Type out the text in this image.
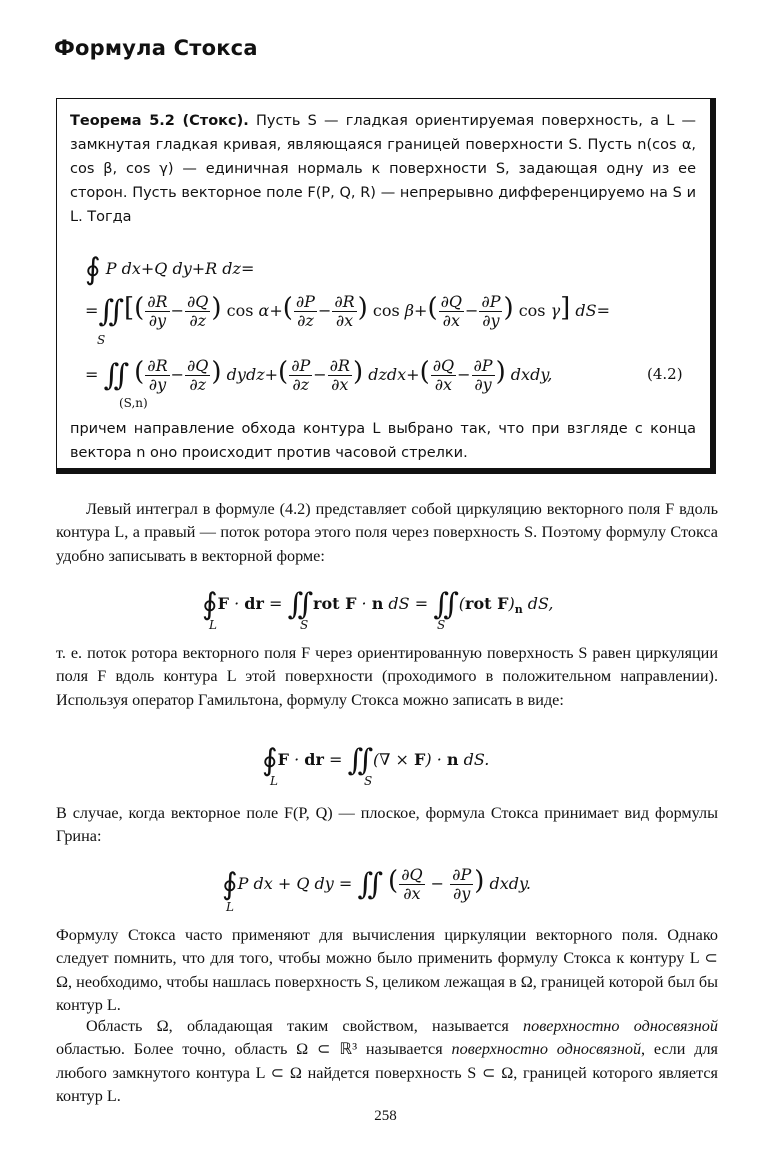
Формула Стокса
Теорема 5.2 (Стокс). Пусть S — гладкая ориентируемая поверхность, а L — замкнутая гладкая кривая, являющаяся границей поверхности S. Пусть n(cos α, cos β, cos γ) — единичная нормаль к поверхности S, задающая одну из ее сторон. Пусть векторное поле F(P, Q, R) — непрерывно дифференцируемо на S и L. Тогда
∮ P dx+Q dy+R dz=
=∬[( $\frac{\partial R}{\partial y} - \frac{\partial Q}{\partial z}$ ) $\cos \alpha+( \frac{\partial P}{\partial z} - \frac{\partial R}{\partial x}$ ) $\cos \beta+( \frac{\partial Q}{\partial x} - \frac{\partial P}{\partial y}$ ) cos γ] dS=
S
= ∬ ( $\frac{\partial R}{\partial y} - \frac{\partial Q}{\partial z}$ ) dydz+( $\frac{\partial P}{\partial z} - \frac{\partial R}{\partial x}$ ) dzdx+( $\frac{\partial Q}{\partial x} - \frac{\partial P}{\partial y}$ ) dxdy,
(S,n)
(4.2)
причем направление обхода контура L выбрано так, что при взгляде с конца вектора n оно происходит против часовой стрелки.
Левый интеграл в формуле (4.2) представляет собой циркуляцию векторного поля F вдоль контура L, а правый — поток ротора этого поля через поверхность S. Поэтому формулу Стокса удобно записывать в векторной форме:
∮F · dr = ∬rot F · n dS = ∬(rot $F)_n$ dS,
L	S	S
т. е. поток ротора векторного поля F через ориентированную поверхность S равен циркуляции поля F вдоль контура L этой поверхности (проходимого в положительном направлении). Используя оператор Гамильтона, формулу Стокса можно записать в виде:
∮F · dr = ∬(∇ × F) · n dS.
L	S
В случае, когда векторное поле F(P, Q) — плоское, формула Стокса принимает вид формулы Грина:
∮P dx + Q dy = ∬ ( $\frac{\partial Q}{\partial x} - \frac{\partial P}{\partial y}$ ) dxdy.
L
Формулу Стокса часто применяют для вычисления циркуляции векторного поля. Однако следует помнить, что для того, чтобы можно было применить формулу Стокса к контуру L ⊂ Ω, необходимо, чтобы нашлась поверхность S, целиком лежащая в Ω, границей которой был бы контур L.
Область Ω, обладающая таким свойством, называется поверхностно односвязной областью. Более точно, область Ω ⊂ ℝ³ называется поверхностно односвязной, если для любого замкнутого контура L ⊂ Ω найдется поверхность S ⊂ Ω, границей которого является контур L.
258
